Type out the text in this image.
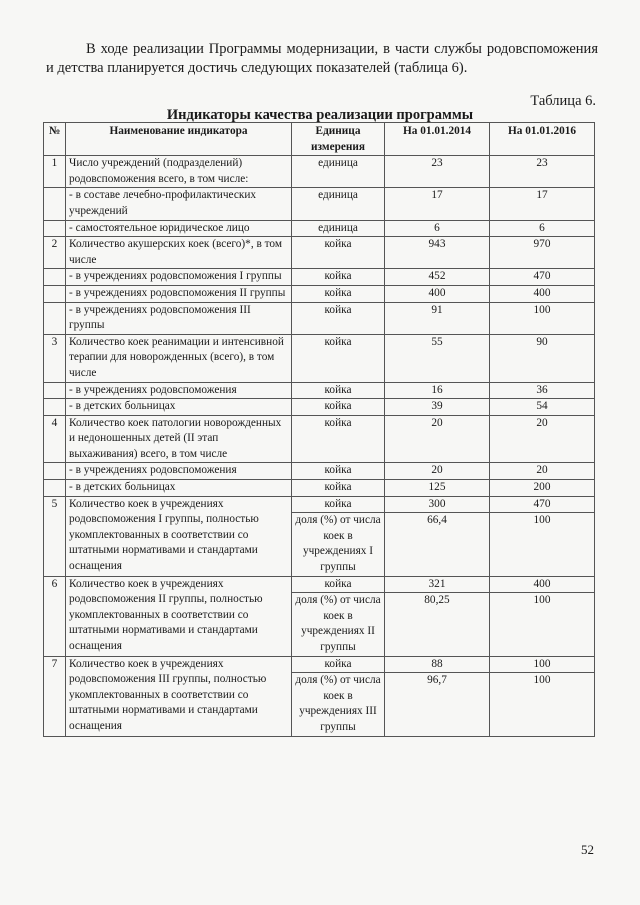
В ходе реализации Программы модернизации, в части службы родовспоможения и детства планируется достичь следующих показателей (таблица 6).

Таблица 6.
Индикаторы качества реализации программы
№	Наименование индикатора	Единица измерения	На 01.01.2014	На 01.01.2016
1	Число учреждений (подразделений) родовспоможения всего, в том числе:	единица	23	23
	- в составе лечебно-профилактических учреждений	единица	17	17
	- самостоятельное юридическое лицо	единица	6	6
2	Количество акушерских коек (всего)*, в том числе	койка	943	970
	- в учреждениях родовспоможения I группы	койка	452	470
	- в учреждениях родовспоможения II группы	койка	400	400
	- в учреждениях родовспоможения III группы	койка	91	100
3	Количество коек реанимации и интенсивной терапии для новорожденных (всего), в том числе	койка	55	90
	- в учреждениях родовспоможения	койка	16	36
	- в детских больницах	койка	39	54
4	Количество коек патологии новорожденных и недоношенных детей (II этап выхаживания) всего, в том числе	койка	20	20
	- в учреждениях родовспоможения	койка	20	20
	- в детских больницах	койка	125	200
5	Количество коек в учреждениях родовспоможения I группы, полностью укомплектованных в соответствии со штатными нормативами и стандартами оснащения	койка	300	470
		доля (%) от числа коек в учреждениях I группы	66,4	100
6	Количество коек в учреждениях родовспоможения II группы, полностью укомплектованных в соответствии со штатными нормативами и стандартами оснащения	койка	321	400
		доля (%) от числа коек в учреждениях II группы	80,25	100
7	Количество коек в учреждениях родовспоможения III группы, полностью укомплектованных в соответствии со штатными нормативами и стандартами оснащения	койка	88	100
		доля (%) от числа коек в учреждениях III группы	96,7	100
52
